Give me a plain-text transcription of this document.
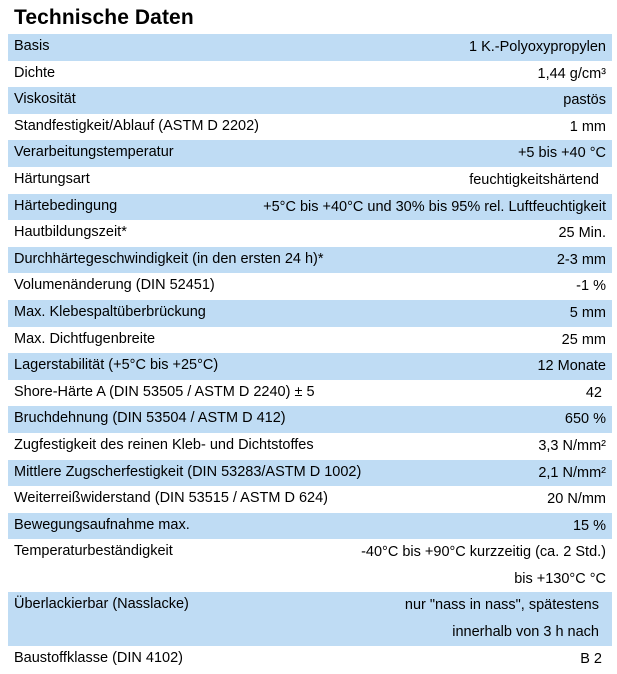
Technische Daten
Basis	1 K.-Polyoxypropylen
Dichte	1,44 g/cm³
Viskosität	pastös
Standfestigkeit/Ablauf (ASTM D 2202)	1 mm
Verarbeitungstemperatur	+5 bis +40 °C
Härtungsart	feuchtigkeitshärtend
Härtebedingung	+5°C bis +40°C und 30% bis 95% rel. Luftfeuchtigkeit
Hautbildungszeit*	25 Min.
Durchhärtegeschwindigkeit (in den ersten 24 h)*	2-3 mm
Volumenänderung (DIN 52451)	-1 %
Max. Klebespaltüberbrückung	5 mm
Max. Dichtfugenbreite	25 mm
Lagerstabilität (+5°C bis +25°C)	12 Monate
Shore-Härte A (DIN 53505 / ASTM D 2240) ± 5	42
Bruchdehnung (DIN 53504 / ASTM D 412)	650 %
Zugfestigkeit des reinen Kleb- und Dichtstoffes	3,3 N/mm²
Mittlere Zugscherfestigkeit (DIN 53283/ASTM D 1002)	2,1 N/mm²
Weiterreißwiderstand (DIN 53515 / ASTM D 624)	20 N/mm
Bewegungsaufnahme max.	15 %
Temperaturbeständigkeit	-40°C bis +90°C kurzzeitig (ca. 2 Std.)
bis +130°C °C
Überlackierbar (Nasslacke)	nur "nass in nass", spätestens
innerhalb von 3 h nach
Baustoffklasse (DIN 4102)	B 2
